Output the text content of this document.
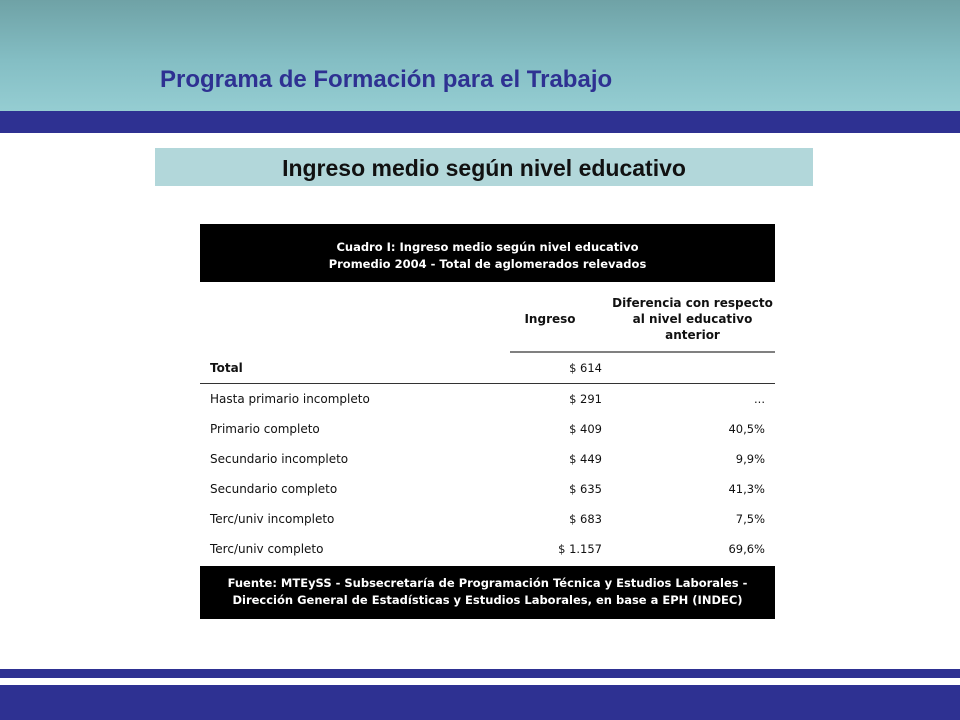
Programa de Formación para el Trabajo
Ingreso medio según nivel educativo
Cuadro I: Ingreso medio según nivel educativo
Promedio 2004 - Total de aglomerados relevados
Ingreso
Diferencia con respecto al nivel educativo anterior
Total	$ 614
Hasta primario incompleto	$ 291	...
Primario completo	$ 409	40,5%
Secundario incompleto	$ 449	9,9%
Secundario completo	$ 635	41,3%
Terc/univ incompleto	$ 683	7,5%
Terc/univ completo	$ 1.157	69,6%
Fuente: MTEySS - Subsecretaría de Programación Técnica y Estudios Laborales - Dirección General de Estadísticas y Estudios Laborales, en base a EPH (INDEC)
